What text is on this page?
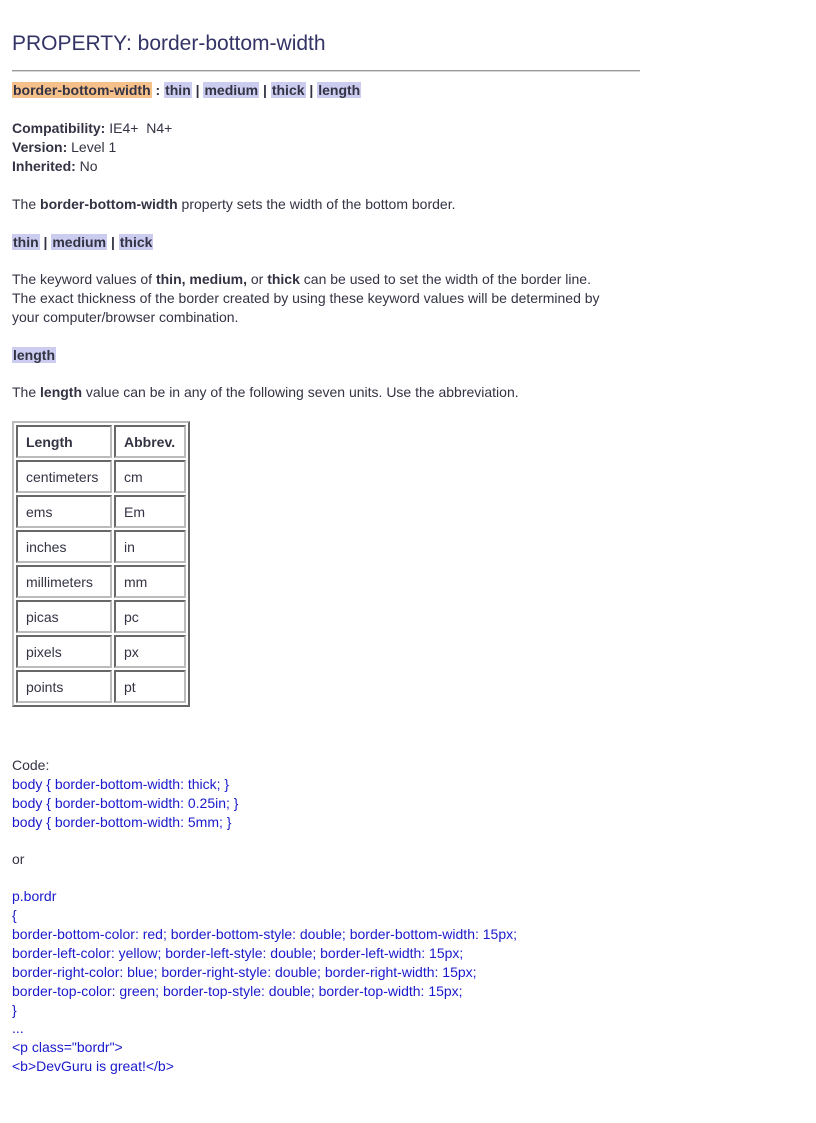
PROPERTY: border-bottom-width
border-bottom-width : thin | medium | thick | length
Compatibility: IE4+  N4+
Version: Level 1
Inherited: No
The border-bottom-width property sets the width of the bottom border.
thin | medium | thick
The keyword values of thin, medium, or thick can be used to set the width of the border line.
The exact thickness of the border created by using these keyword values will be determined by
your computer/browser combination.
length
The length value can be in any of the following seven units. Use the abbreviation.
Length	Abbrev.
centimeters	cm
ems	Em
inches	in
millimeters	mm
picas	pc
pixels	px
points	pt
Code:
body { border-bottom-width: thick; }
body { border-bottom-width: 0.25in; }
body { border-bottom-width: 5mm; }
or
p.bordr
{
border-bottom-color: red; border-bottom-style: double; border-bottom-width: 15px;
border-left-color: yellow; border-left-style: double; border-left-width: 15px;
border-right-color: blue; border-right-style: double; border-right-width: 15px;
border-top-color: green; border-top-style: double; border-top-width: 15px;
}
...
<p class="bordr">
<b>DevGuru is great!</b>
